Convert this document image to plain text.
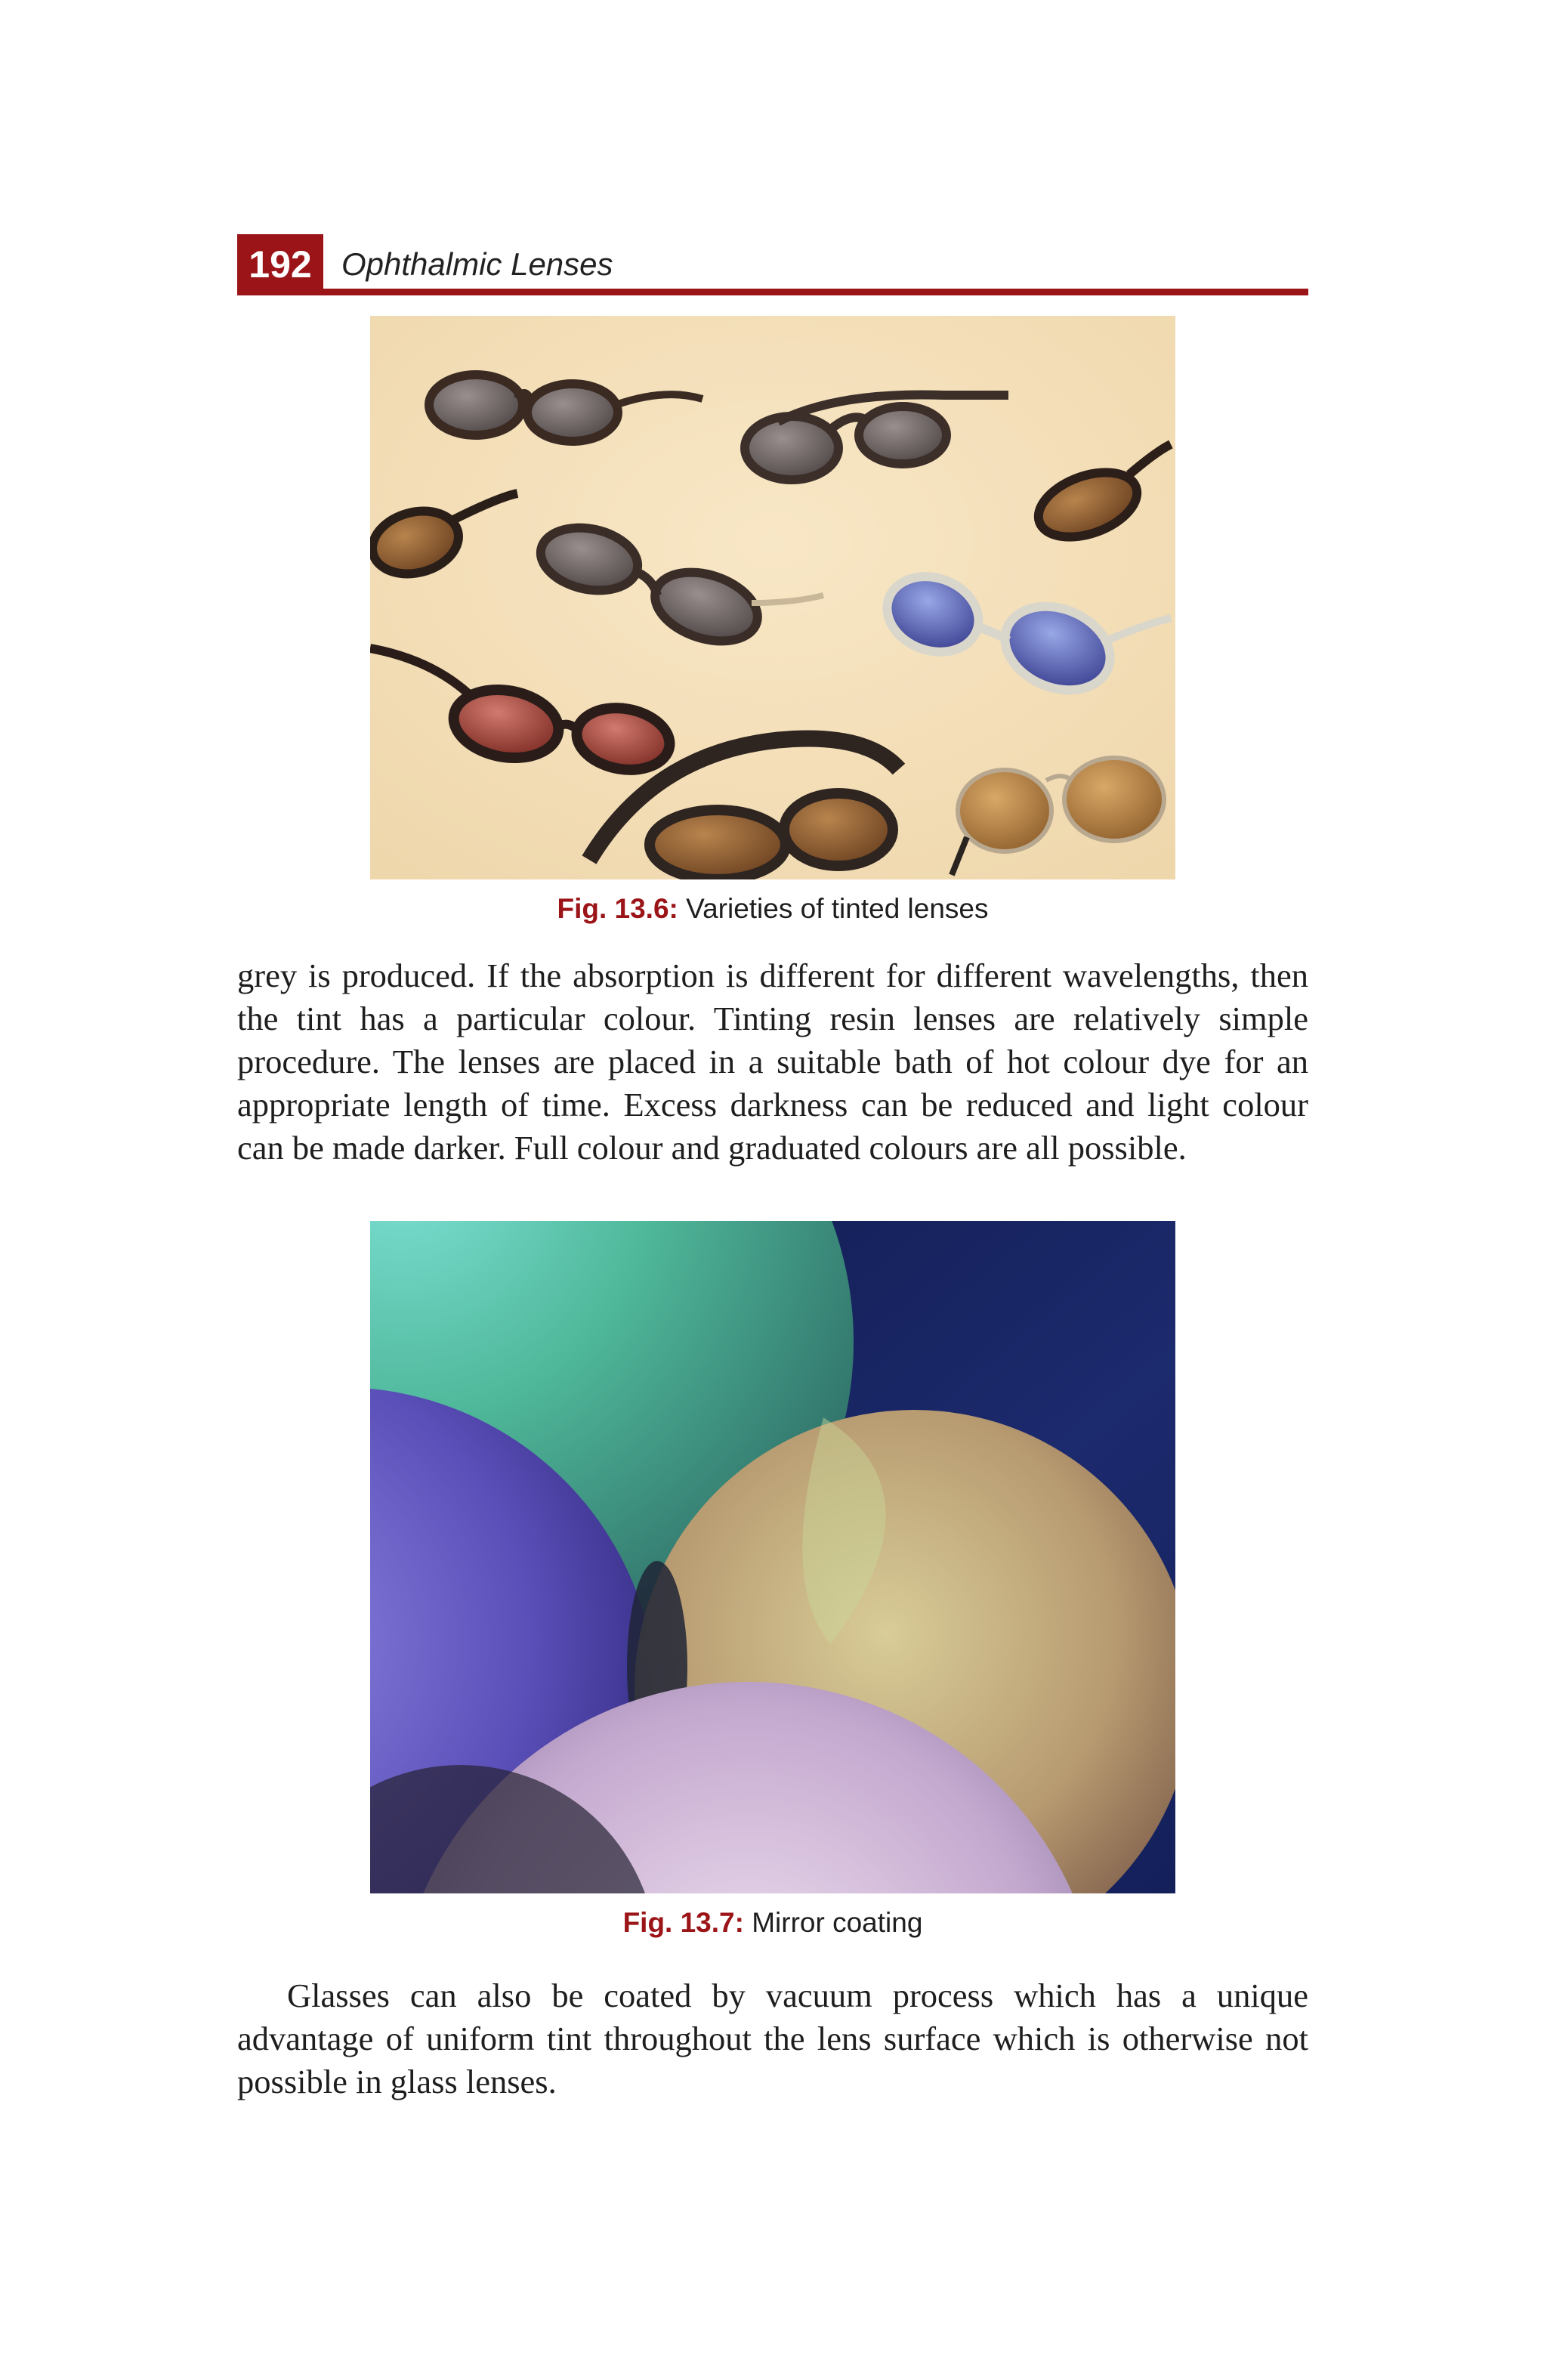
192 Ophthalmic Lenses
Fig. 13.6: Varieties of tinted lenses

grey is produced. If the absorption is different for different wavelengths, then the tint has a particular colour. Tinting resin lenses are relatively simple procedure. The lenses are placed in a suitable bath of hot colour dye for an appropriate length of time. Excess darkness can be reduced and light colour can be made darker. Full colour and graduated colours are all possible.

Fig. 13.7: Mirror coating

Glasses can also be coated by vacuum process which has a unique advantage of uniform tint throughout the lens surface which is otherwise not possible in glass lenses.
